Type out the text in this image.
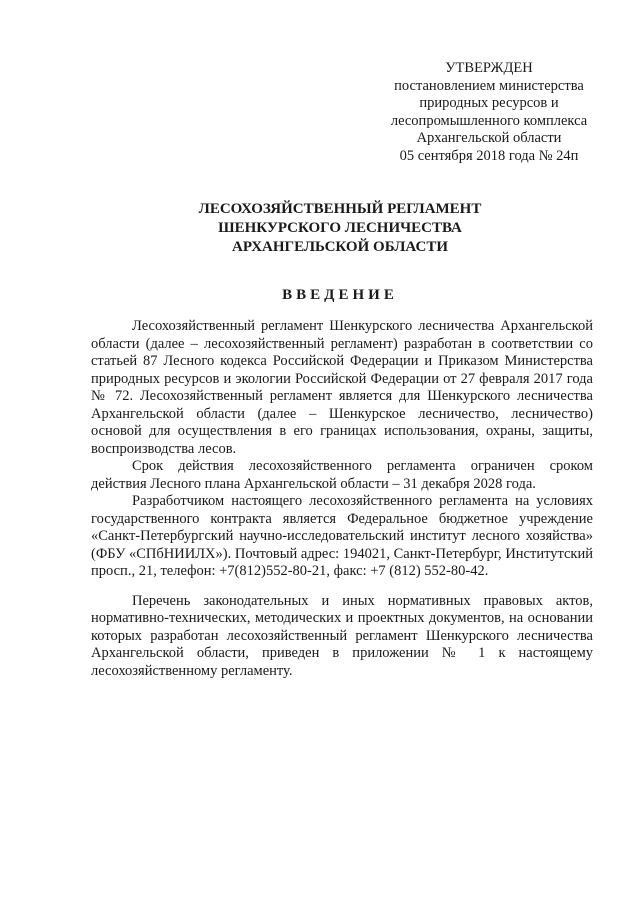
УТВЕРЖДЕН
постановлением министерства
природных ресурсов и
лесопромышленного комплекса
Архангельской области
05 сентября 2018 года № 24п
ЛЕСОХОЗЯЙСТВЕННЫЙ РЕГЛАМЕНТ
ШЕНКУРСКОГО ЛЕСНИЧЕСТВА
АРХАНГЕЛЬСКОЙ ОБЛАСТИ
ВВЕДЕНИЕ

Лесохозяйственный регламент Шенкурского лесничества Архангельской области (далее – лесохозяйственный регламент) разработан в соответствии со статьей 87 Лесного кодекса Российской Федерации и Приказом Министерства природных ресурсов и экологии Российской Федерации от 27 февраля 2017 года № 72. Лесохозяйственный регламент является для Шенкурского лесничества Архангельской области (далее – Шенкурское лесничество, лесничество) основой для осуществления в его границах использования, охраны, защиты, воспроизводства лесов.

Срок действия лесохозяйственного регламента ограничен сроком действия Лесного плана Архангельской области – 31 декабря 2028 года.

Разработчиком настоящего лесохозяйственного регламента на условиях государственного контракта является Федеральное бюджетное учреждение «Санкт-Петербургский научно-исследовательский институт лесного хозяйства» (ФБУ «СПбНИИЛХ»). Почтовый адрес: 194021, Санкт-Петербург, Институтский просп., 21, телефон: +7(812)552-80-21, факс: +7 (812) 552-80-42.

Перечень законодательных и иных нормативных правовых актов, нормативно-технических, методических и проектных документов, на основании которых разработан лесохозяйственный регламент Шенкурского лесничества Архангельской области, приведен в приложении № 1 к настоящему лесохозяйственному регламенту.
